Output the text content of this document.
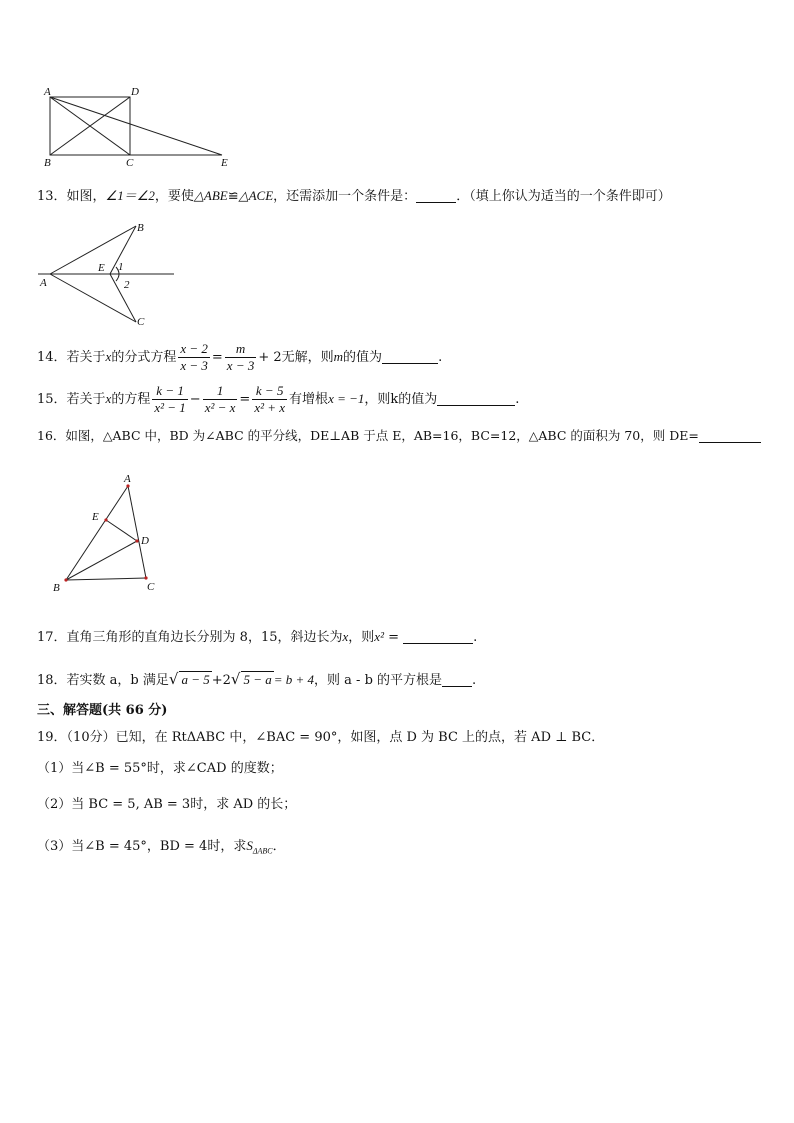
A	D
B	C	E
13．如图，∠1＝∠2，要使△ABE≌△ACE，还需添加一个条件是：	．（填上你认为适当的一个条件即可）
B
A
E 1
2
C
14．若关于x的分式方程 $\frac{x - 2}{x - 3} = \frac{m}{x - 3} + 2$无解，则m的值为	.
15．若关于x的方程 $\frac{k - 1}{\text{x² − 1}} - \frac{1}{\text{x² − x}} = \frac{k - 5}{\text{x² + x}}$ 有增根x = −1，则k的值为	.
16．如图，△ABC 中，BD 为∠ABC 的平分线，DE⊥AB 于点 E，AB=16，BC=12，△ABC 的面积为 70，则 DE=
A
E
D
B	C
17．直角三角形的直角边长分别为 8，15，斜边长为x，则x² =	.
18．若实数 a，b 满足√ a − 5 +2√ 5 − a = b + 4，则 a - b 的平方根是 .
三、解答题(共 66 分)
19．（10分）已知，在 RtΔABC 中，∠BAC = 90°，如图，点 D 为 BC 上的点，若 AD ⊥ BC．
（1）当∠B = 55°时，求∠CAD 的度数；
（2）当 BC = 5, AB = 3时，求 AD 的长；
（3）当∠B = 45°，BD = 4时，求$S_{\Delta ABC}$．
